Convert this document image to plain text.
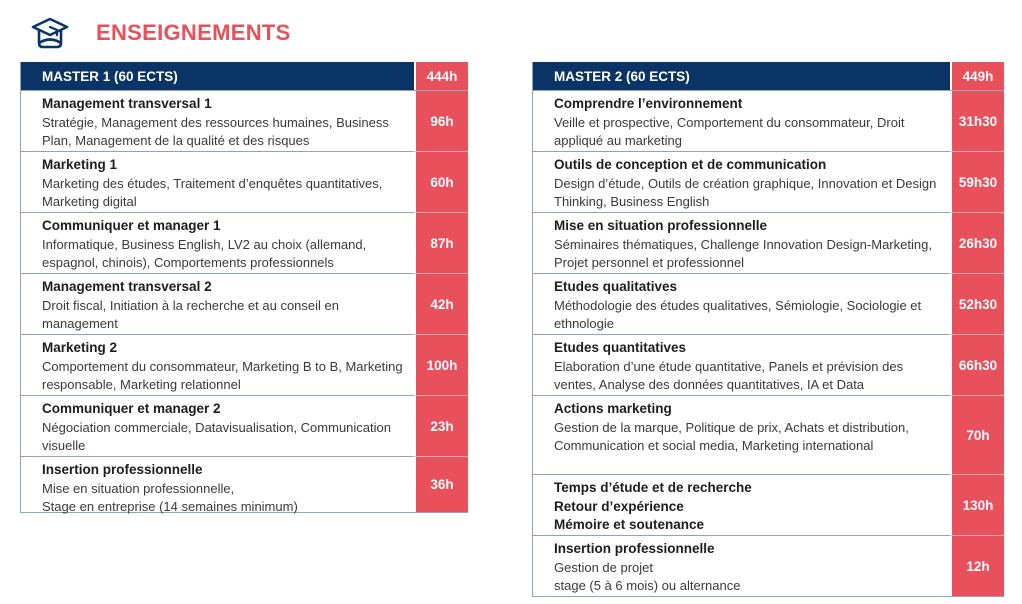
ENSEIGNEMENTS
MASTER 1 (60 ECTS)	444h
Management transversal 1
Stratégie, Management des ressources humaines, Business Plan, Management de la qualité et des risques
96h
Marketing 1
Marketing des études, Traitement d’enquêtes quantitatives, Marketing digital
60h
Communiquer et manager 1
Informatique, Business English, LV2 au choix (allemand, espagnol, chinois), Comportements professionnels
87h
Management transversal 2
Droit fiscal, Initiation à la recherche et au conseil en management
42h
Marketing 2
Comportement du consommateur, Marketing B to B, Marketing responsable, Marketing relationnel
100h
Communiquer et manager 2
Négociation commerciale, Datavisualisation, Communication visuelle
23h
Insertion professionnelle
Mise en situation professionnelle,
Stage en entreprise (14 semaines minimum)
36h
MASTER 2 (60 ECTS)	449h
Comprendre l’environnement
Veille et prospective, Comportement du consommateur, Droit appliqué au marketing
31h30
Outils de conception et de communication
Design d’étude, Outils de création graphique, Innovation et Design Thinking, Business English
59h30
Mise en situation professionnelle
Séminaires thématiques, Challenge Innovation Design-Marketing, Projet personnel et professionnel
26h30
Etudes qualitatives
Méthodologie des études qualitatives, Sémiologie, Sociologie et ethnologie
52h30
Etudes quantitatives
Elaboration d’une étude quantitative, Panels et prévision des ventes, Analyse des données quantitatives, IA et Data
66h30
Actions marketing
Gestion de la marque, Politique de prix, Achats et distribution, Communication et social media, Marketing international
70h
Temps d’étude et de recherche
Retour d’expérience
Mémoire et soutenance
130h
Insertion professionnelle
Gestion de projet
stage (5 à 6 mois) ou alternance
12h
